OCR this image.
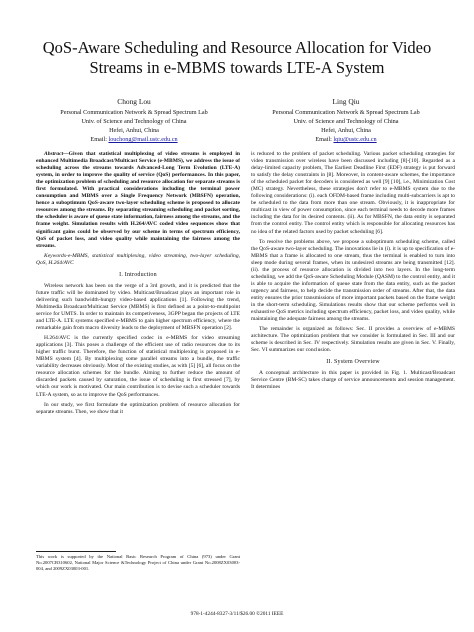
QoS-Aware Scheduling and Resource Allocation for Video Streams in e-MBMS towards LTE-A System
Chong Lou
Personal Communication Network & Spread Spectrum Lab
Univ. of Science and Technology of China
Hefei, Anhui, China
Email: louchong@mail.ustc.edu.cn
Ling Qiu
Personal Communication Network & Spread Spectrum Lab
Univ. of Science and Technology of China
Hefei, Anhui, China
Email: lqiu@ustc.edu.cn

Abstract—Given that statistical multiplexing of video streams is employed in enhanced Multimedia Broadcast/Multicast Service (e-MBMS), we address the issue of scheduling across the streams towards Advanced-Long Term Evolution (LTE-A) system, in order to improve the quality of service (QoS) performances. In this paper, the optimization problem of scheduling and resource allocation for separate streams is first formulated. With practical considerations including the terminal power consumption and MBMS over a Single Frequency Network (MBSFN) operation, hence a suboptimum QoS-aware two-layer scheduling scheme is proposed to allocate resources among the streams. By separating streaming scheduling and packet sorting, the scheduler is aware of queue state information, fairness among the streams, and the frame weight. Simulation results with H.264/AVC coded video sequences show that significant gains could be observed by our scheme in terms of spectrum efficiency, QoS of packet loss, and video quality while maintaining the fairness among the streams.

Keywords-e-MBMS, statistical multiplexing, video streaming, two-layer scheduling, QoS, H.264/AVC

I. Introduction

Wireless network has been on the verge of a 3rd growth, and it is predicted that the future traffic will be dominated by video. Multicast/Broadcast plays an important role in delivering such bandwidth-hungry video-based applications [1]. Following the trend, Multimedia Broadcast/Multicast Service (MBMS) is first defined as a point-to-multipoint service for UMTS. In order to maintain its competiveness, 3GPP began the projects of LTE and LTE-A. LTE systems specified e-MBMS to gain higher spectrum efficiency, where the remarkable gain from macro diversity leads to the deployment of MBSFN operation [2].

H.264/AVC is the currently specified codec in e-MBMS for video streaming applications [3]. This poses a challenge of the efficient use of radio resources due to its higher traffic burst. Therefore, the function of statistical multiplexing is proposed in e-MBMS system [4]. By multiplexing some parallel streams into a bundle, the traffic variability decreases obviously. Most of the existing studies, as with [5] [6], all focus on the resource allocation schemes for the bundle. Aiming to further reduce the amount of discarded packets caused by saturation, the issue of scheduling is first stressed [7], by which our work is motivated. Our main contribution is to devise such a scheduler towards LTE-A system, so as to improve the QoS performances.

In our study, we first formulate the optimization problem of resource allocation for separate streams. Then, we show that it

is reduced to the problem of packet scheduling. Various packet scheduling strategies for video transmission over wireless have been discussed including [8]-[10]. Regarded as a delay-limited capacity problem, The Earliest Deadline First (EDF) strategy is put forward to satisfy the delay constraints in [8]. Moreover, in content-aware schemes, the importance of the scheduled packet for decoders is considered as well [9] [10], i.e., Minimization Cost (MC) strategy. Nevertheless, these strategies don't refer to e-MBMS system due to the following considerations: (i). each OFDM-based frame including multi-subcarriers is apt to be scheduled to the data from more than one stream. Obviously, it is inappropriate for multicast in view of power consumption, since each terminal needs to decode more frames including the data for its desired contents. (ii). As for MBSFN, the data entity is separated from the control entity. The control entity which is responsible for allocating resources has no idea of the related factors used by packet scheduling [6].

To resolve the problems above, we propose a suboptimum scheduling scheme, called the QoS-aware two-layer scheduling. The innovations lie in (i). it is up to specification of e-MBMS that a frame is allocated to one stream, thus the terminal is enabled to turn into sleep mode during several frames, when its undesired streams are being transmitted [12]. (ii). the process of resource allocation is divided into two layers. In the long-term scheduling, we add the QoS-aware Scheduling Module (QASM) to the control entity, and it is able to acquire the information of queue state from the data entity, such as the packet urgency and fairness, to help decide the transmission order of streams. After that, the data entity ensures the prior transmissions of more important packets based on the frame weight in the short-term scheduling. Simulations results show that our scheme performs well in exhaustive QoS metrics including spectrum efficiency, packet loss, and video quality, while maintaining the adequate fairness among the streams.

The remainder is organized as follows: Sec. II provides a overview of e-MBMS architecture. The optimization problem that we consider is formulated in Sec. III and our scheme is described in Sec. IV respectively. Simulation results are given in Sec. V. Finally, Sec. VI summarizes our conclusion.

II. System Overview

A conceptual architecture in this paper is provided in Fig. 1. Multicast/Broadcast Service Centre (BM-SC) takes charge of service announcements and session management. It determines

This work is supported by the National Basic Research Program of China (973) under Grant No.2007CB310602, National Major Science &Technology Project of China under Grant No.2008ZX03003-004, and 2009ZX03003-001.
978-1-4244-8327-3/11/$26.00 ©2011 IEEE
